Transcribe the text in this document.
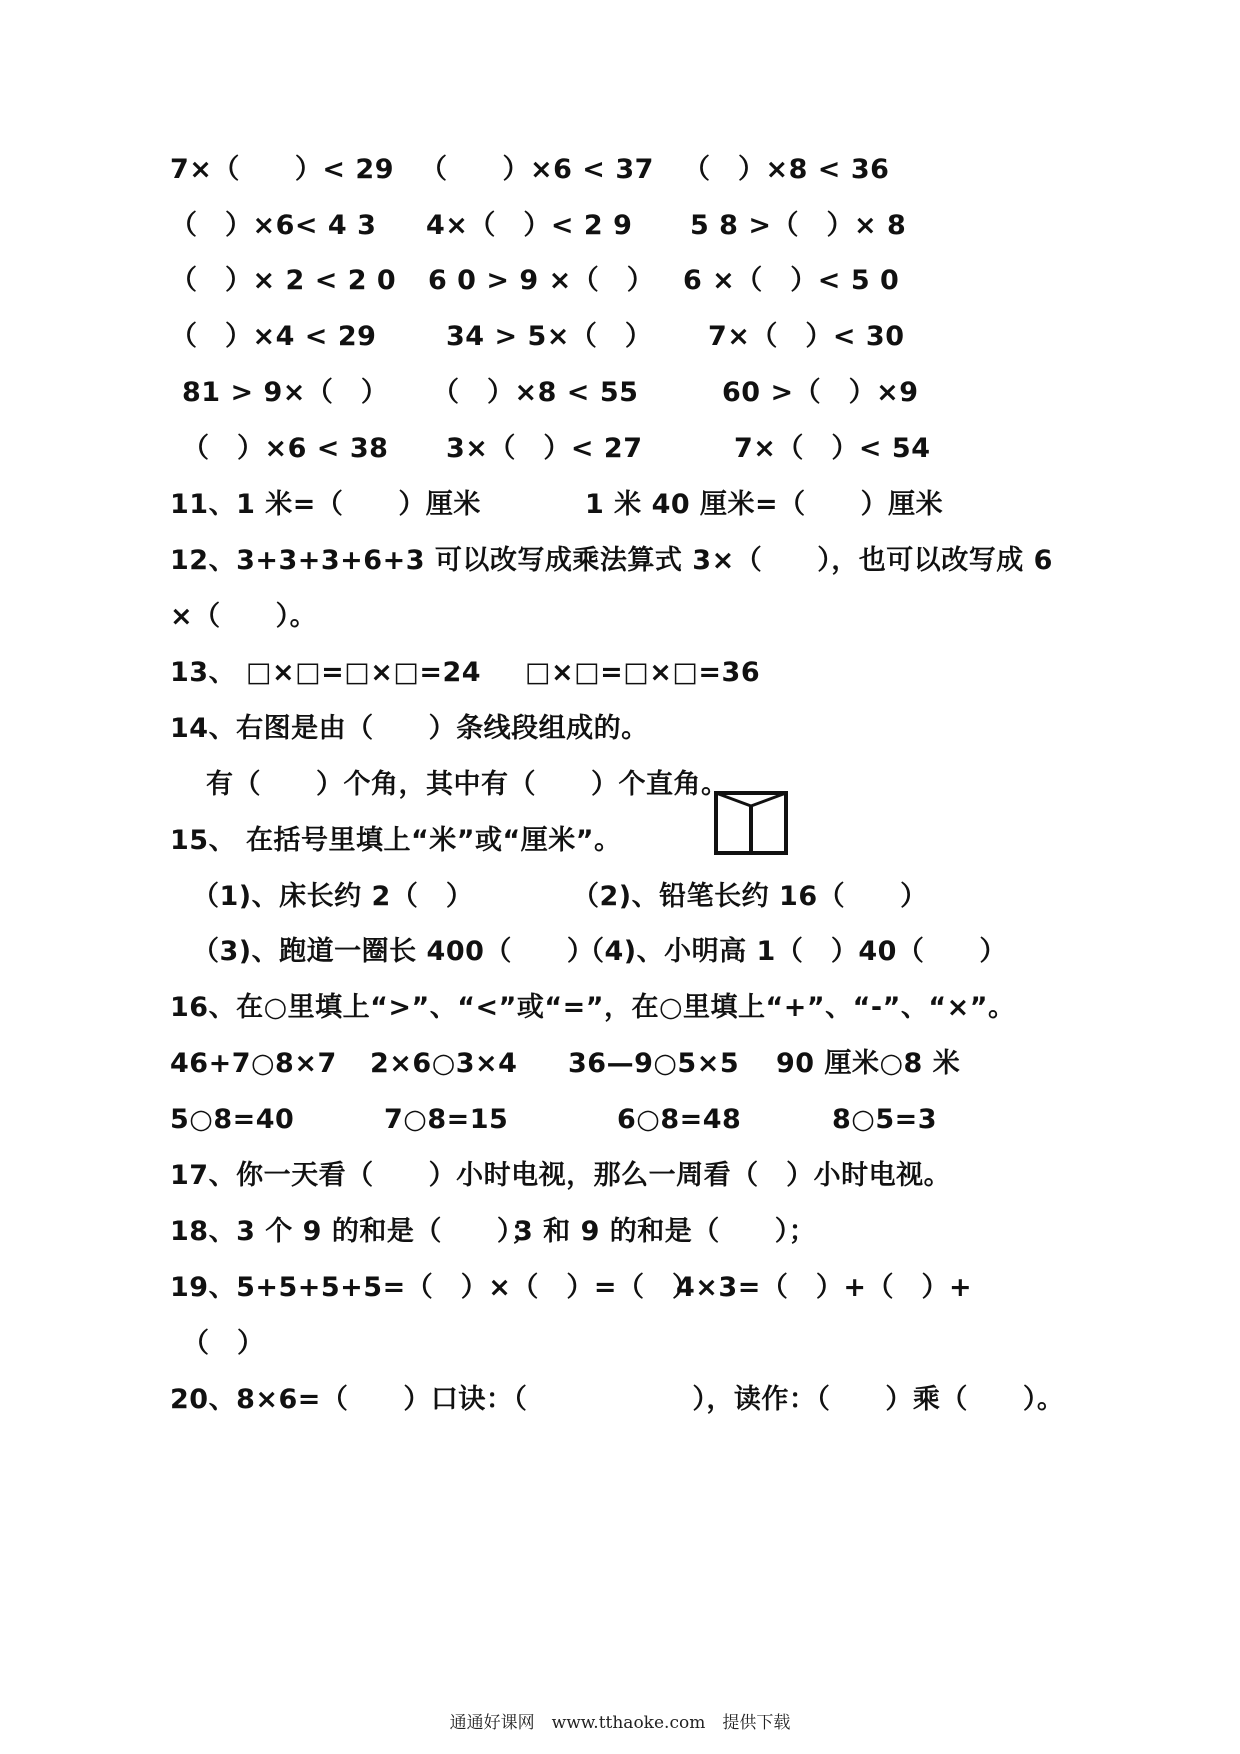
7×（　　）< 29 （　　）×6 < 37 （　）×8 < 36
（　）×6< 4 3 4×（　）< 2 9 5 8 >（　）× 8
（　）× 2 < 2 0 6 0 > 9 ×（　） 6 ×（　）< 5 0
（　）×4 < 29	34 > 5×（　） 7×（　）< 30
81 > 9×（　） （　）×8 < 55	60 >（　）×9
（　）×6 < 38 3×（　）< 27	7×（　）< 54
11、1 米=（　　）厘米	1 米 40 厘米=（　　）厘米
12、3+3+3+6+3 可以改写成乘法算式 3×（　　），也可以改写成 6
×（　　）。
13、 □×□=□×□=24 □×□=□×□=36
14、右图是由（　　）条线段组成的。
有（　　）个角，其中有（　　）个直角。
15、 在括号里填上“米”或“厘米”。
（1)、床长约 2（　）	（2)、铅笔长约 16（　　）
（3)、跑道一圈长 400（　　）
（4)、小明高 1（　）40（　　）
16、在○里填上“>”、“<”或“=”，在○里填上“+”、“-”、“×”。
46+7○8×7 2×6○3×4 36—9○5×5 90 厘米○8 米
5○8=40	7○8=15	6○8=48	8○5=3
17、你一天看（　　）小时电视，那么一周看（　）小时电视。
18、3 个 9 的和是（　　）；
3 和 9 的和是（　　）；
19、5+5+5+5=（　）×（　）=（　）
4×3=（　）+（　）+
（　）
20、8×6=（　　）口诀：（　　　　　　），读作：（　　）乘（　　）。
通通好课网　www.tthaoke.com　提供下载
